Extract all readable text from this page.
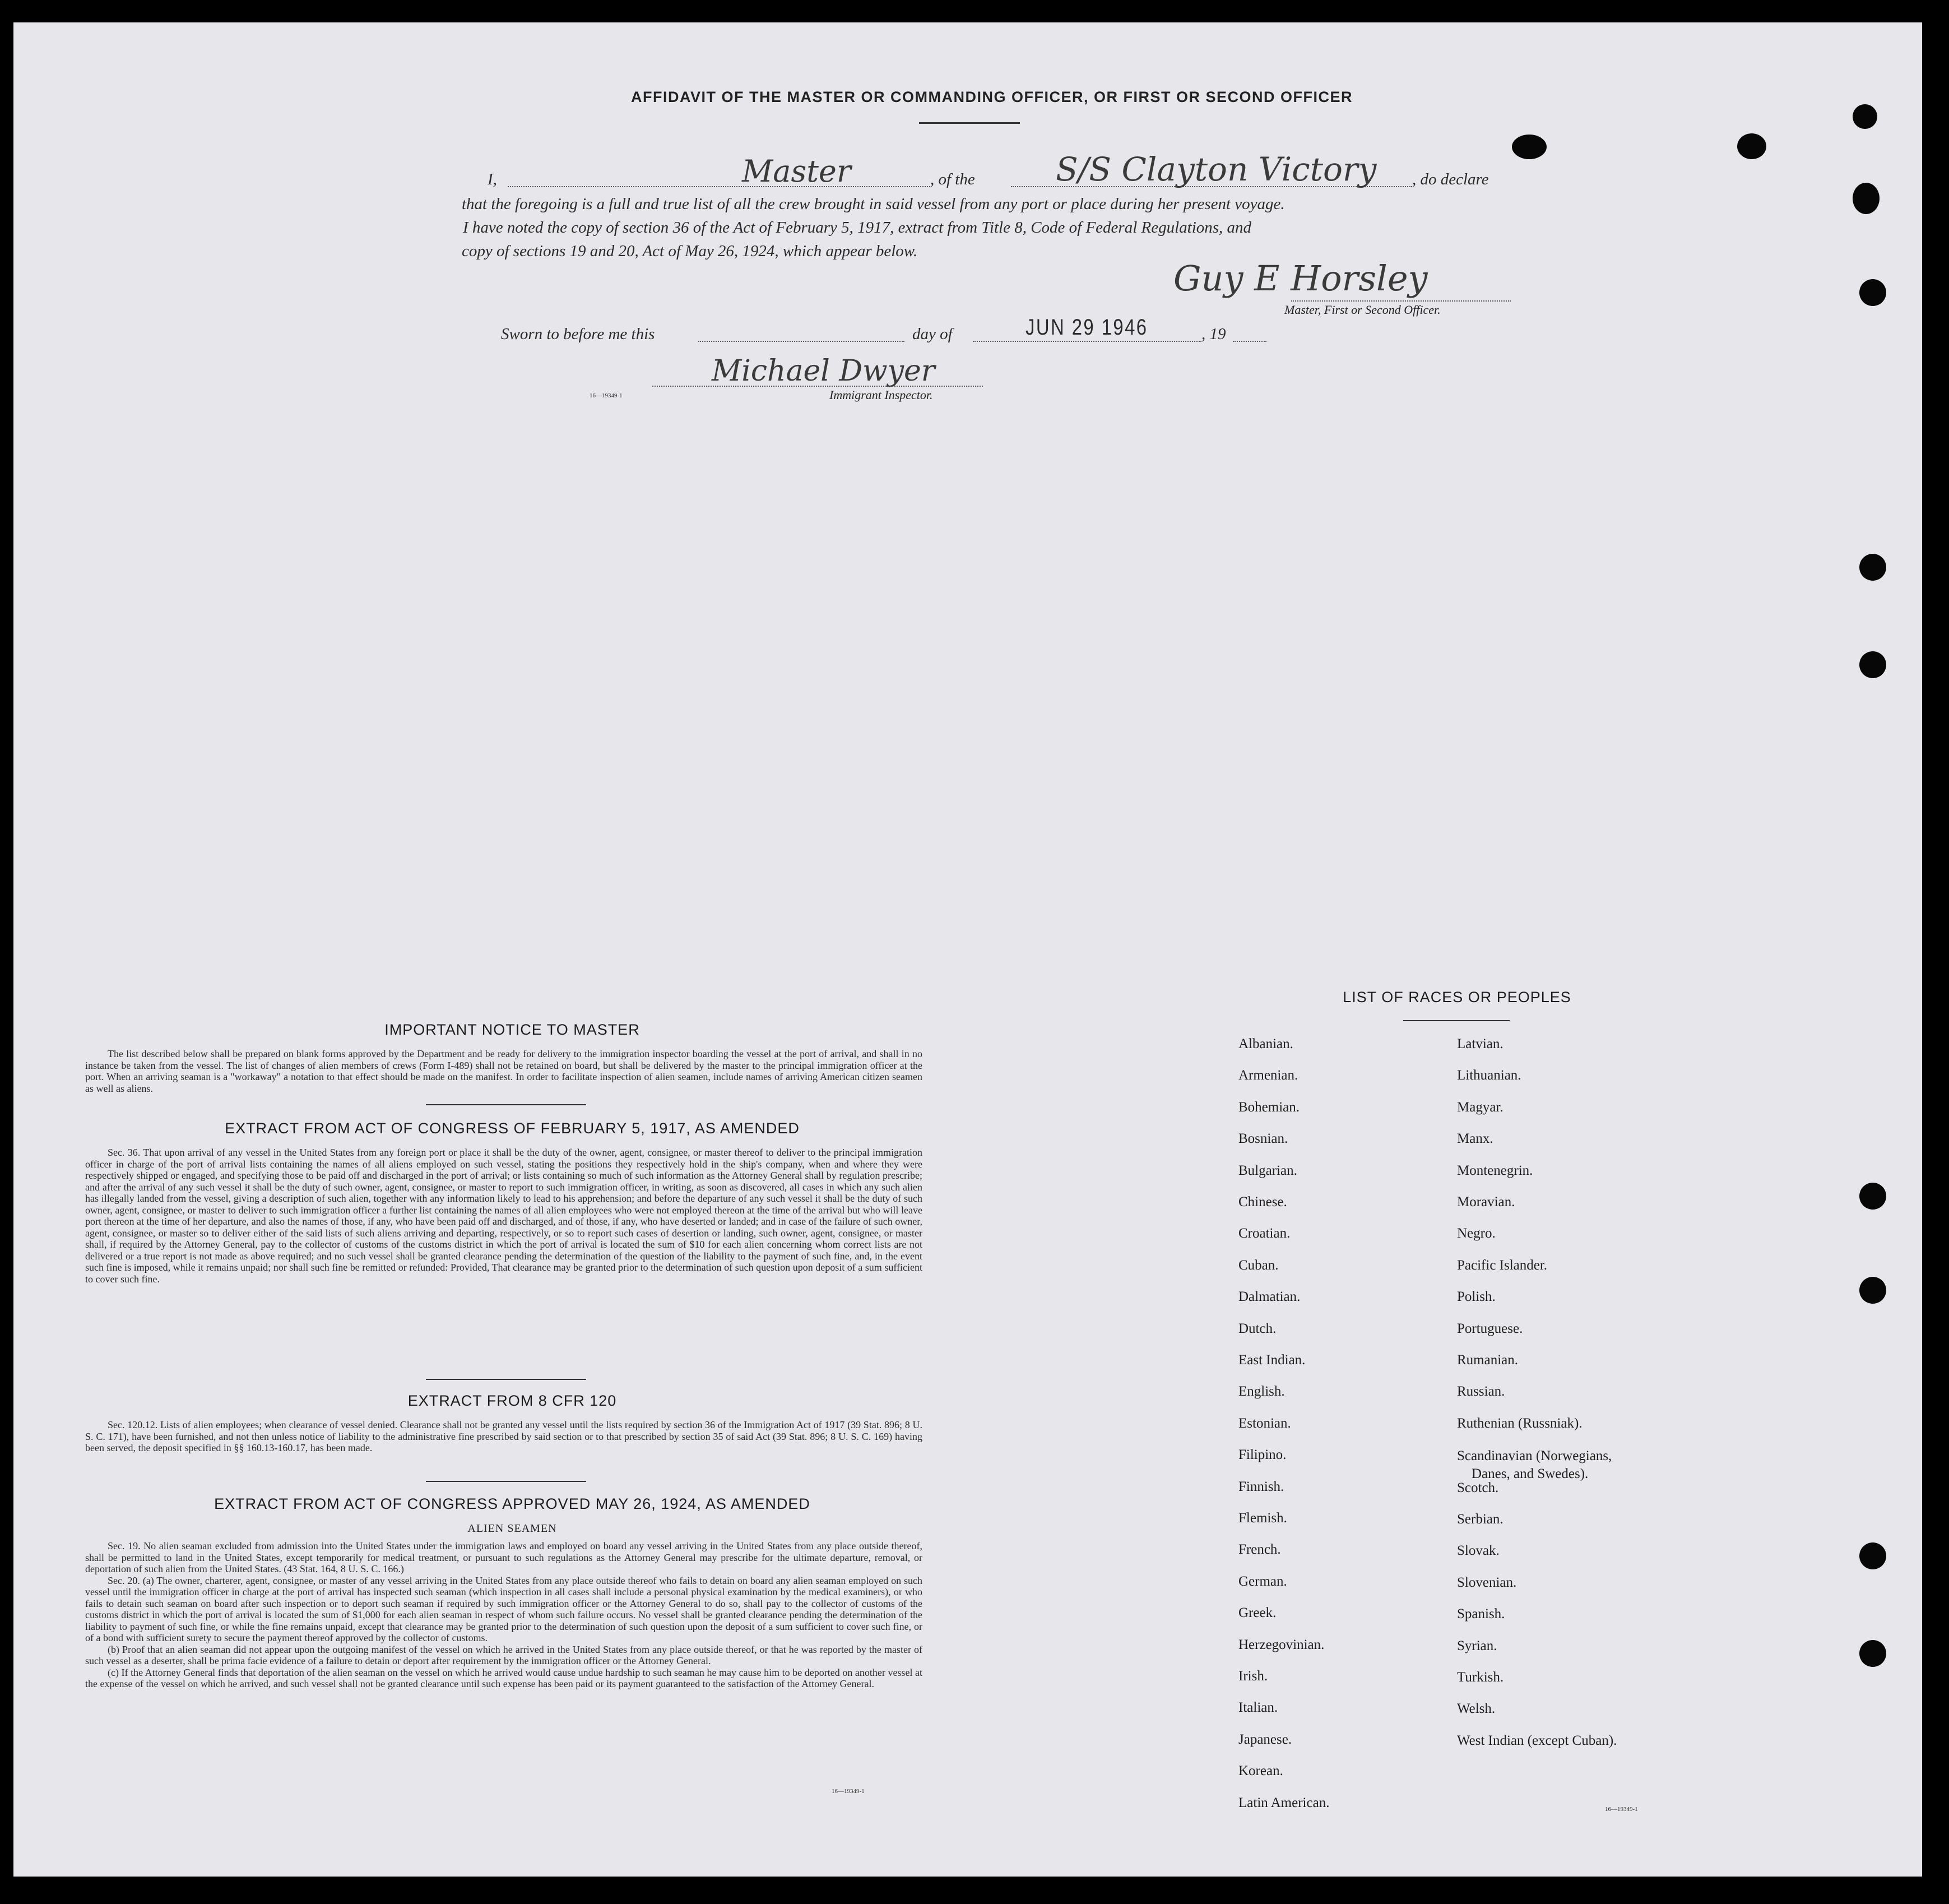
AFFIDAVIT OF THE MASTER OR COMMANDING OFFICER, OR FIRST OR SECOND OFFICER
I,	Master	, of the S/S Clayton Victory , do declare
that the foregoing is a full and true list of all the crew brought in said vessel from any port or place during her present voyage.
I have noted the copy of section 36 of the Act of February 5, 1917, extract from Title 8, Code of Federal Regulations, and
copy of sections 19 and 20, Act of May 26, 1924, which appear below.
Guy E Horsley
Master, First or Second Officer.
Sworn to before me this	day of	JUN 29 1946	, 19
Michael Dwyer
Immigrant Inspector.
16—19349-1
IMPORTANT NOTICE TO MASTER
The list described below shall be prepared on blank forms approved by the Department and be ready for delivery to the immigration inspector boarding the vessel at the port of arrival, and shall in no instance be taken from the vessel. The list of changes of alien members of crews (Form I-489) shall not be retained on board, but shall be delivered by the master to the principal immigration officer at the port. When an arriving seaman is a "workaway" a notation to that effect should be made on the manifest. In order to facilitate inspection of alien seamen, include names of arriving American citizen seamen as well as aliens.
EXTRACT FROM ACT OF CONGRESS OF FEBRUARY 5, 1917, AS AMENDED
Sec. 36. That upon arrival of any vessel in the United States from any foreign port or place it shall be the duty of the owner, agent, consignee, or master thereof to deliver to the principal immigration officer in charge of the port of arrival lists containing the names of all aliens employed on such vessel, stating the positions they respectively hold in the ship's company, when and where they were respectively shipped or engaged, and specifying those to be paid off and discharged in the port of arrival; or lists containing so much of such information as the Attorney General shall by regulation prescribe; and after the arrival of any such vessel it shall be the duty of such owner, agent, consignee, or master to report to such immigration officer, in writing, as soon as discovered, all cases in which any such alien has illegally landed from the vessel, giving a description of such alien, together with any information likely to lead to his apprehension; and before the departure of any such vessel it shall be the duty of such owner, agent, consignee, or master to deliver to such immigration officer a further list containing the names of all alien employees who were not employed thereon at the time of the arrival but who will leave port thereon at the time of her departure, and also the names of those, if any, who have been paid off and discharged, and of those, if any, who have deserted or landed; and in case of the failure of such owner, agent, consignee, or master so to deliver either of the said lists of such aliens arriving and departing, respectively, or so to report such cases of desertion or landing, such owner, agent, consignee, or master shall, if required by the Attorney General, pay to the collector of customs of the customs district in which the port of arrival is located the sum of $10 for each alien concerning whom correct lists are not delivered or a true report is not made as above required; and no such vessel shall be granted clearance pending the determination of the question of the liability to the payment of such fine, and, in the event such fine is imposed, while it remains unpaid; nor shall such fine be remitted or refunded: Provided, That clearance may be granted prior to the determination of such question upon deposit of a sum sufficient to cover such fine.
EXTRACT FROM 8 CFR 120
Sec. 120.12. Lists of alien employees; when clearance of vessel denied. Clearance shall not be granted any vessel until the lists required by section 36 of the Immigration Act of 1917 (39 Stat. 896; 8 U. S. C. 171), have been furnished, and not then unless notice of liability to the administrative fine prescribed by said section or to that prescribed by section 35 of said Act (39 Stat. 896; 8 U. S. C. 169) having been served, the deposit specified in §§ 160.13-160.17, has been made.
EXTRACT FROM ACT OF CONGRESS APPROVED MAY 26, 1924, AS AMENDED
ALIEN SEAMEN
Sec. 19. No alien seaman excluded from admission into the United States under the immigration laws and employed on board any vessel arriving in the United States from any place outside thereof, shall be permitted to land in the United States, except temporarily for medical treatment, or pursuant to such regulations as the Attorney General may prescribe for the ultimate departure, removal, or deportation of such alien from the United States. (43 Stat. 164, 8 U. S. C. 166.)
Sec. 20. (a) The owner, charterer, agent, consignee, or master of any vessel arriving in the United States from any place outside thereof who fails to detain on board any alien seaman employed on such vessel until the immigration officer in charge at the port of arrival has inspected such seaman (which inspection in all cases shall include a personal physical examination by the medical examiners), or who fails to detain such seaman on board after such inspection or to deport such seaman if required by such immigration officer or the Attorney General to do so, shall pay to the collector of customs of the customs district in which the port of arrival is located the sum of $1,000 for each alien seaman in respect of whom such failure occurs. No vessel shall be granted clearance pending the determination of the liability to payment of such fine, or while the fine remains unpaid, except that clearance may be granted prior to the determination of such question upon the deposit of a sum sufficient to cover such fine, or of a bond with sufficient surety to secure the payment thereof approved by the collector of customs.
(b) Proof that an alien seaman did not appear upon the outgoing manifest of the vessel on which he arrived in the United States from any place outside thereof, or that he was reported by the master of such vessel as a deserter, shall be prima facie evidence of a failure to detain or deport after requirement by the immigration officer or the Attorney General.
(c) If the Attorney General finds that deportation of the alien seaman on the vessel on which he arrived would cause undue hardship to such seaman he may cause him to be deported on another vessel at the expense of the vessel on which he arrived, and such vessel shall not be granted clearance until such expense has been paid or its payment guaranteed to the satisfaction of the Attorney General.
16—19349-1
LIST OF RACES OR PEOPLES
16—19349-1
Albanian.
Armenian.
Bohemian.
Bosnian.
Bulgarian.
Chinese.
Croatian.
Cuban.
Dalmatian.
Dutch.
East Indian.
English.
Estonian.
Filipino.
Finnish.
Flemish.
French.
German.
Greek.
Herzegovinian.
Irish.
Italian.
Japanese.
Korean.
Latin American.
Latvian.
Lithuanian.
Magyar.
Manx.
Montenegrin.
Moravian.
Negro.
Pacific Islander.
Polish.
Portuguese.
Rumanian.
Russian.
Ruthenian (Russniak).
Scandinavian (Norwegians,
Danes, and Swedes).
Scotch.
Serbian.
Slovak.
Slovenian.
Spanish.
Syrian.
Turkish.
Welsh.
West Indian (except Cuban).
